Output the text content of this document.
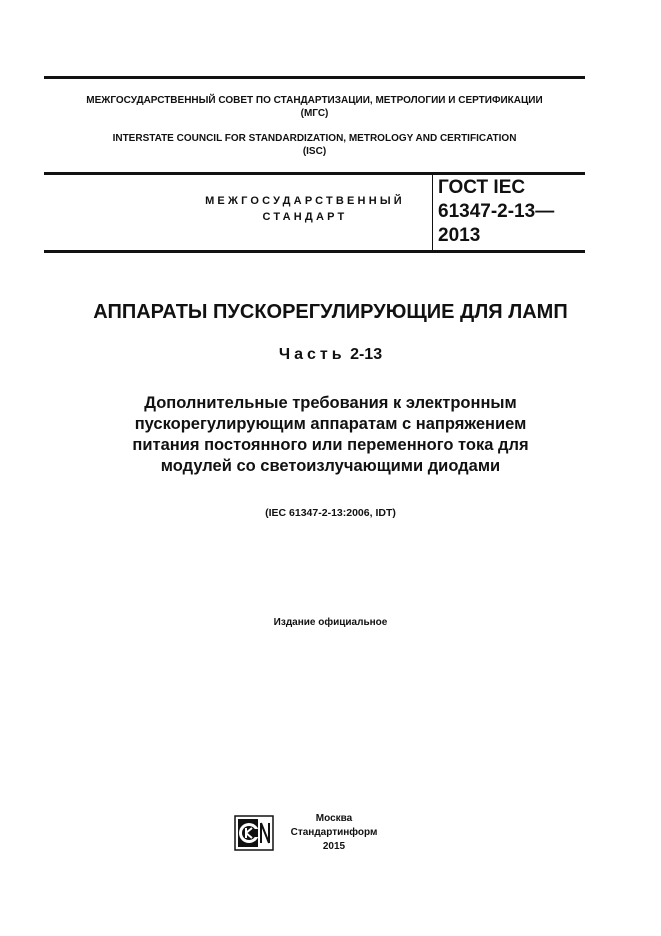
МЕЖГОСУДАРСТВЕННЫЙ СОВЕТ ПО СТАНДАРТИЗАЦИИ, МЕТРОЛОГИИ И СЕРТИФИКАЦИИ
(МГС)
INTERSTATE COUNCIL FOR STANDARDIZATION, METROLOGY AND CERTIFICATION
(ISC)
МЕЖГОСУДАРСТВЕННЫЙ
СТАНДАРТ
ГОСТ IEC
61347-2-13—
2013
АППАРАТЫ ПУСКОРЕГУЛИРУЮЩИЕ ДЛЯ ЛАМП
Часть 2-13
Дополнительные требования к электронным
пускорегулирующим аппаратам с напряжением
питания постоянного или переменного тока для
модулей со светоизлучающими диодами
(IEC 61347-2-13:2006, IDT)
Издание официальное
Москва
Стандартинформ
2015
